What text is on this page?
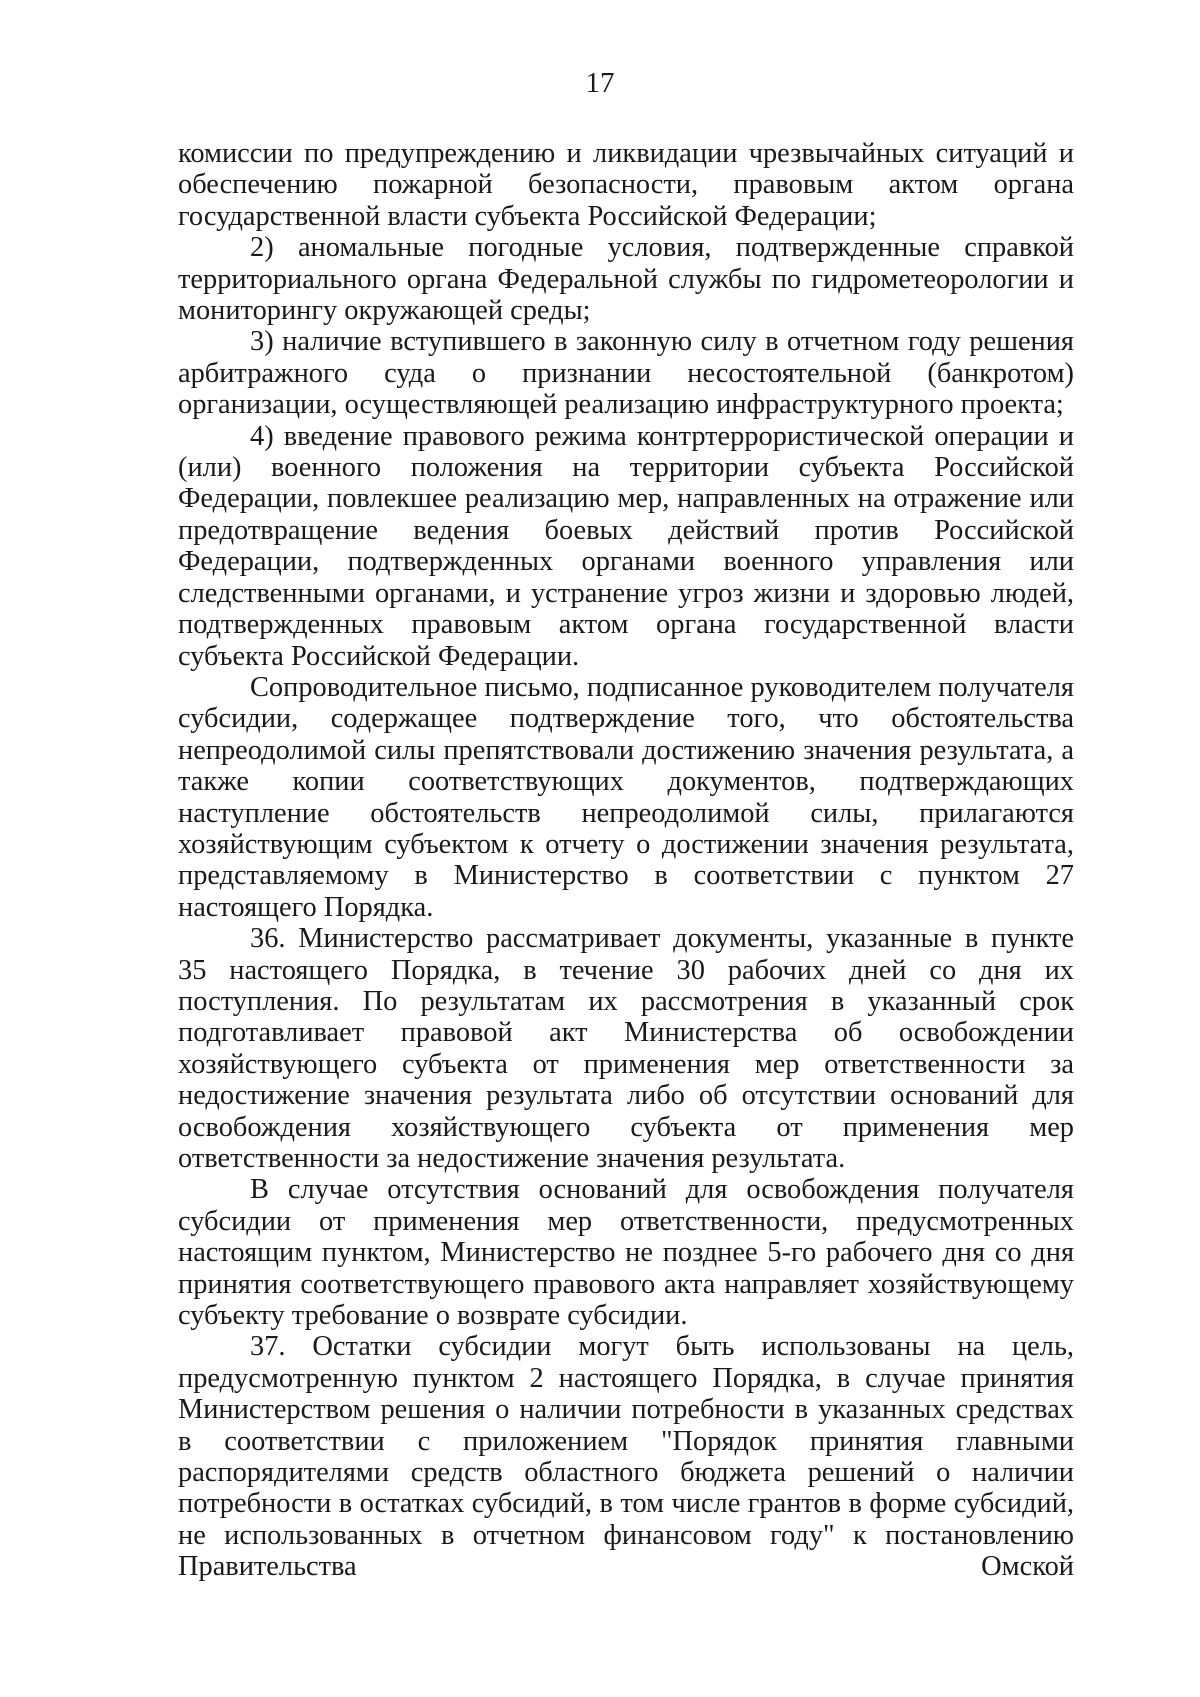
17

комиссии по предупреждению и ликвидации чрезвычайных ситуаций и обеспечению пожарной безопасности, правовым актом органа государственной власти субъекта Российской Федерации;

2) аномальные погодные условия, подтвержденные справкой территориального органа Федеральной службы по гидрометеорологии и мониторингу окружающей среды;

3) наличие вступившего в законную силу в отчетном году решения арбитражного суда о признании несостоятельной (банкротом) организации, осуществляющей реализацию инфраструктурного проекта;

4) введение правового режима контртеррористической операции и (или) военного положения на территории субъекта Российской Федерации, повлекшее реализацию мер, направленных на отражение или предотвращение ведения боевых действий против Российской Федерации, подтвержденных органами военного управления или следственными органами, и устранение угроз жизни и здоровью людей, подтвержденных правовым актом органа государственной власти субъекта Российской Федерации.

Сопроводительное письмо, подписанное руководителем получателя субсидии, содержащее подтверждение того, что обстоятельства непреодолимой силы препятствовали достижению значения результата, а также копии соответствующих документов, подтверждающих наступление обстоятельств непреодолимой силы, прилагаются хозяйствующим субъектом к отчету о достижении значения результата, представляемому в Министерство в соответствии с пунктом 27 настоящего Порядка.

36. Министерство рассматривает документы, указанные в пункте 35 настоящего Порядка, в течение 30 рабочих дней со дня их поступления. По результатам их рассмотрения в указанный срок подготавливает правовой акт Министерства об освобождении хозяйствующего субъекта от применения мер ответственности за недостижение значения результата либо об отсутствии оснований для освобождения хозяйствующего субъекта от применения мер ответственности за недостижение значения результата.

В случае отсутствия оснований для освобождения получателя субсидии от применения мер ответственности, предусмотренных настоящим пунктом, Министерство не позднее 5-го рабочего дня со дня принятия соответствующего правового акта направляет хозяйствующему субъекту требование о возврате субсидии.

37. Остатки субсидии могут быть использованы на цель, предусмотренную пунктом 2 настоящего Порядка, в случае принятия Министерством решения о наличии потребности в указанных средствах в соответствии с приложением "Порядок принятия главными распорядителями средств областного бюджета решений о наличии потребности в остатках субсидий, в том числе грантов в форме субсидий, не использованных в отчетном финансовом году" к постановлению Правительства Омской
